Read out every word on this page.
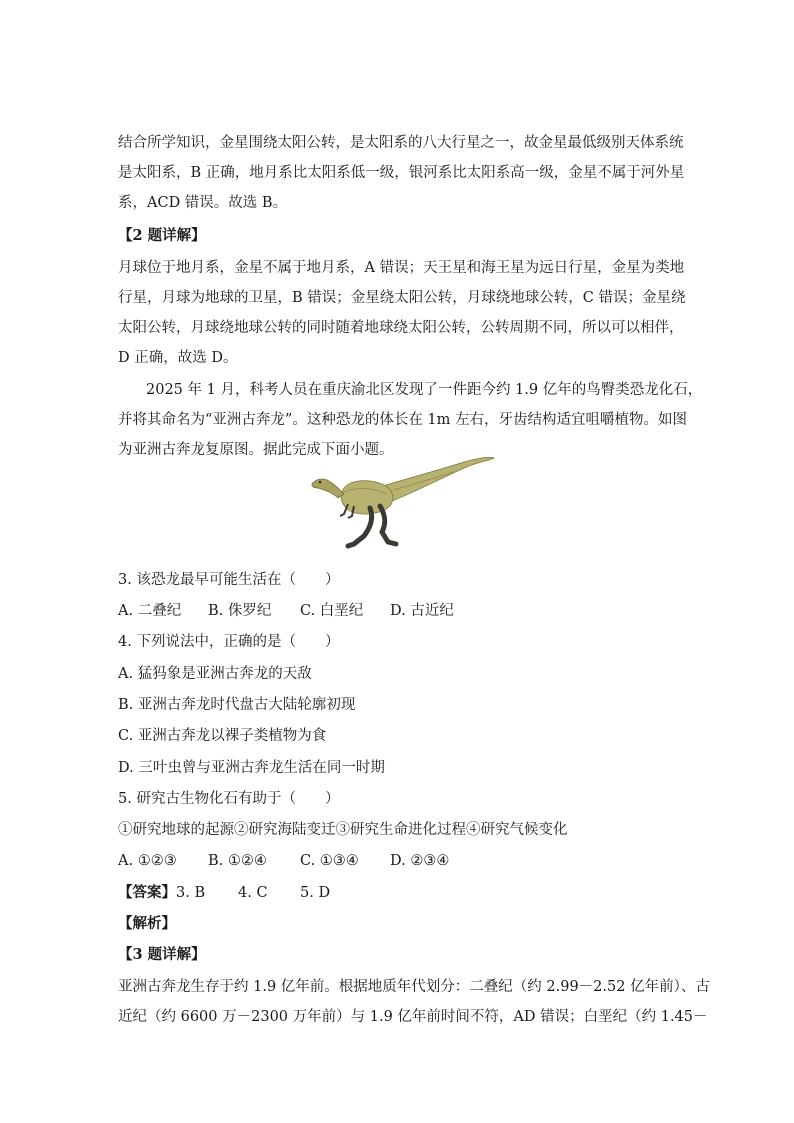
结合所学知识，金星围绕太阳公转，是太阳系的八大行星之一，故金星最低级别天体系统
是太阳系，B 正确，地月系比太阳系低一级，银河系比太阳系高一级，金星不属于河外星
系，ACD 错误。故选 B。
【2 题详解】
月球位于地月系，金星不属于地月系，A 错误；天王星和海王星为远日行星，金星为类地
行星，月球为地球的卫星，B 错误；金星绕太阳公转，月球绕地球公转，C 错误；金星绕
太阳公转，月球绕地球公转的同时随着地球绕太阳公转，公转周期不同，所以可以相伴，
D 正确，故选 D。
2025 年 1 月，科考人员在重庆渝北区发现了一件距今约 1.9 亿年的鸟臀类恐龙化石，
并将其命名为“亚洲古奔龙”。这种恐龙的体长在 1m 左右，牙齿结构适宜咀嚼植物。如图
为亚洲古奔龙复原图。据此完成下面小题。
3. 该恐龙最早可能生活在（　　）
A. 二叠纪 B. 侏罗纪 C. 白垩纪 D. 古近纪
4. 下列说法中，正确的是（　　）
A. 猛犸象是亚洲古奔龙的天敌
B. 亚洲古奔龙时代盘古大陆轮廓初现
C. 亚洲古奔龙以裸子类植物为食
D. 三叶虫曾与亚洲古奔龙生活在同一时期
5. 研究古生物化石有助于（　　）
①研究地球的起源②研究海陆变迁③研究生命进化过程④研究气候变化
A. ①②③ B. ①②④ C. ①③④ D. ②③④
【答案】3. B 4. C 5. D
【解析】
【3 题详解】
亚洲古奔龙生存于约 1.9 亿年前。根据地质年代划分：二叠纪（约 2.99－2.52 亿年前）、古
近纪（约 6600 万－2300 万年前）与 1.9 亿年前时间不符，AD 错误；白垩纪（约 1.45－
